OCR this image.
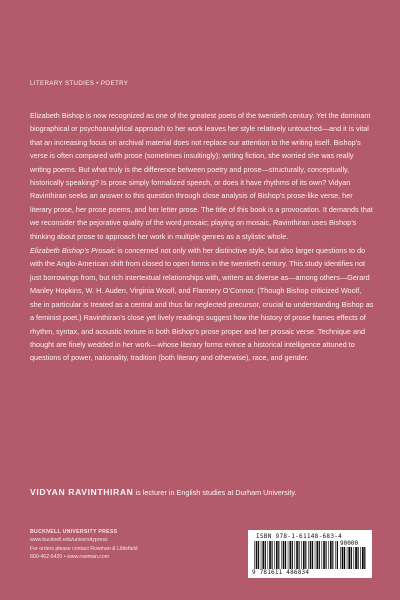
LITERARY STUDIES • POETRY

Elizabeth Bishop is now recognized as one of the greatest poets of the twentieth century. Yet the dominant biographical or psychoanalytical approach to her work leaves her style relatively untouched—and it is vital that an increasing focus on archival material does not replace our attention to the writing itself. Bishop’s verse is often compared with prose (sometimes insultingly); writing fiction, she worried she was really writing poems. But what truly is the difference between poetry and prose—structurally, conceptually, historically speaking? Is prose simply formalized speech, or does it have rhythms of its own? Vidyan Ravinthiran seeks an answer to this question through close analysis of Bishop’s prose-like verse, her literary prose, her prose poems, and her letter prose. The title of this book is a provocation. It demands that we reconsider the pejorative quality of the word prosaic; playing on mosaic, Ravinthiran uses Bishop’s thinking about prose to approach her work in multiple genres as a stylistic whole.

Elizabeth Bishop’s Prosaic is concerned not only with her distinctive style, but also larger questions to do with the Anglo-American shift from closed to open forms in the twentieth century. This study identifies not just borrowings from, but rich intertextual relationships with, writers as diverse as—among others—Gerard Manley Hopkins, W. H. Auden, Virginia Woolf, and Flannery O’Connor. (Though Bishop criticized Woolf, she in particular is treated as a central and thus far neglected precursor, crucial to understanding Bishop as a feminist poet.) Ravinthiran’s close yet lively readings suggest how the history of prose frames effects of rhythm, syntax, and acoustic texture in both Bishop’s prose proper and her prosaic verse. Technique and thought are finely wedded in her work—whose literary forms evince a historical intelligence attuned to questions of power, nationality, tradition (both literary and otherwise), race, and gender.

VIDYAN RAVINTHIRAN is lecturer in English studies at Durham University.
BUCKNELL UNIVERSITY PRESS
www.bucknell.edu/universitypress
For orders please contact Rowman & Littlefield
800-462-6420 • www.rowman.com
ISBN 978-1-61148-683-4
90000
9 781611 486834
